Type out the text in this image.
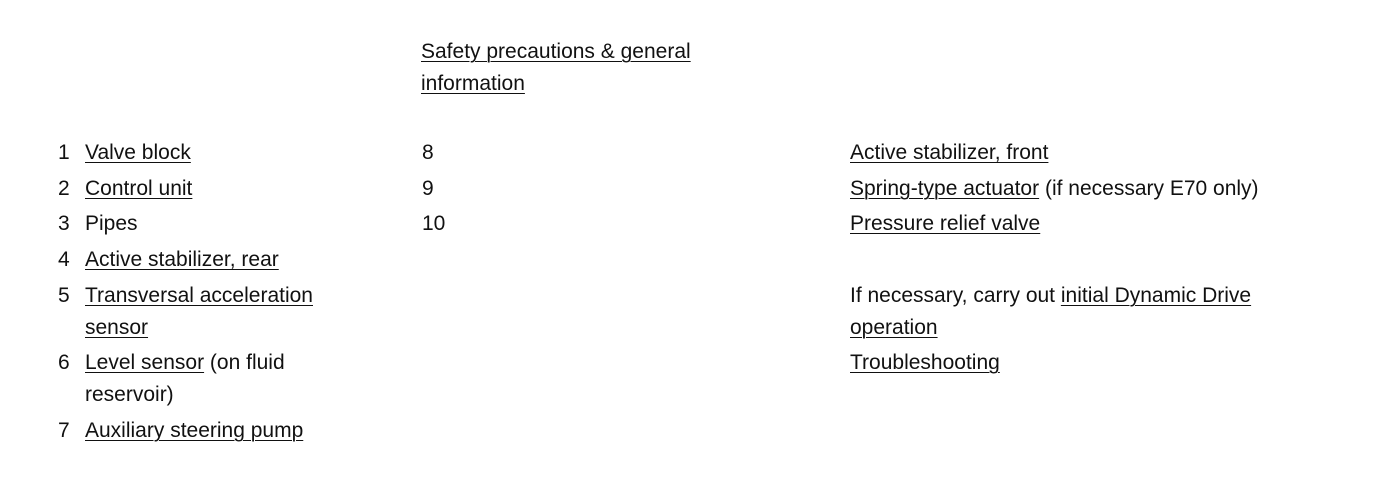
Safety precautions & general
information
1 Valve block
2 Control unit
3 Pipes
4 Active stabilizer, rear
5 Transversal acceleration
sensor
6 Level sensor (on fluid
reservoir)
7 Auxiliary steering pump
8
9
10
Active stabilizer, front
Spring-type actuator (if necessary E70 only)
Pressure relief valve
If necessary, carry out initial Dynamic Drive
operation
Troubleshooting
